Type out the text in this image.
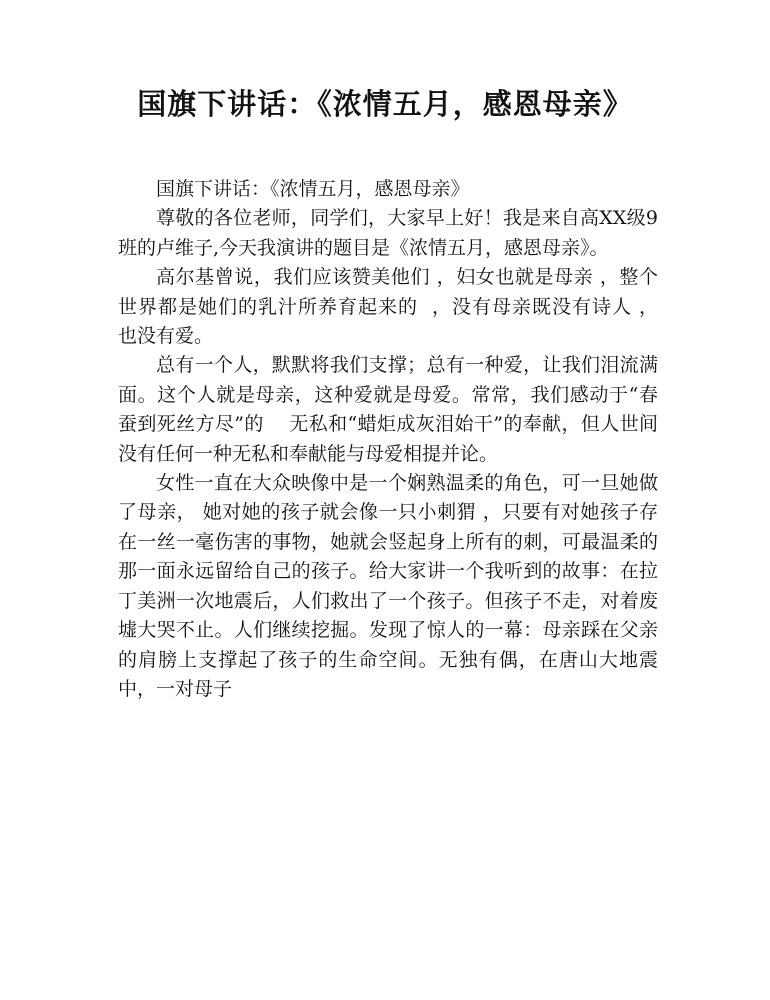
国旗下讲话：《浓情五月，感恩母亲》

国旗下讲话：《浓情五月，感恩母亲》

尊敬的各位老师，同学们，大家早上好！我是来自高XX级9班的卢维子,今天我演讲的题目是《浓情五月，感恩母亲》。

高尔基曾说，我们应该赞美他们 ，妇女也就是母亲 ，整个世界都是她们的乳汁所养育起来的  ，没有母亲既没有诗人 ，  也没有爱。

总有一个人，默默将我们支撑；总有一种爱，让我们泪流满面。这个人就是母亲，这种爱就是母爱。常常，我们感动于“春蚕到死丝方尽”的    无私和“蜡炬成灰泪始干”的奉献，但人世间没有任何一种无私和奉献能与母爱相提并论。

女性一直在大众映像中是一个娴熟温柔的角色，可一旦她做了母亲， 她对她的孩子就会像一只小刺猬 ，只要有对她孩子存在一丝一毫伤害的事物，她就会竖起身上所有的刺，可最温柔的那一面永远留给自己的孩子。给大家讲一个我听到的故事：在拉丁美洲一次地震后，人们救出了一个孩子。但孩子不走，对着废墟大哭不止。人们继续挖掘。发现了惊人的一幕：母亲踩在父亲的肩膀上支撑起了孩子的生命空间。无独有偶，在唐山大地震中，一对母子
